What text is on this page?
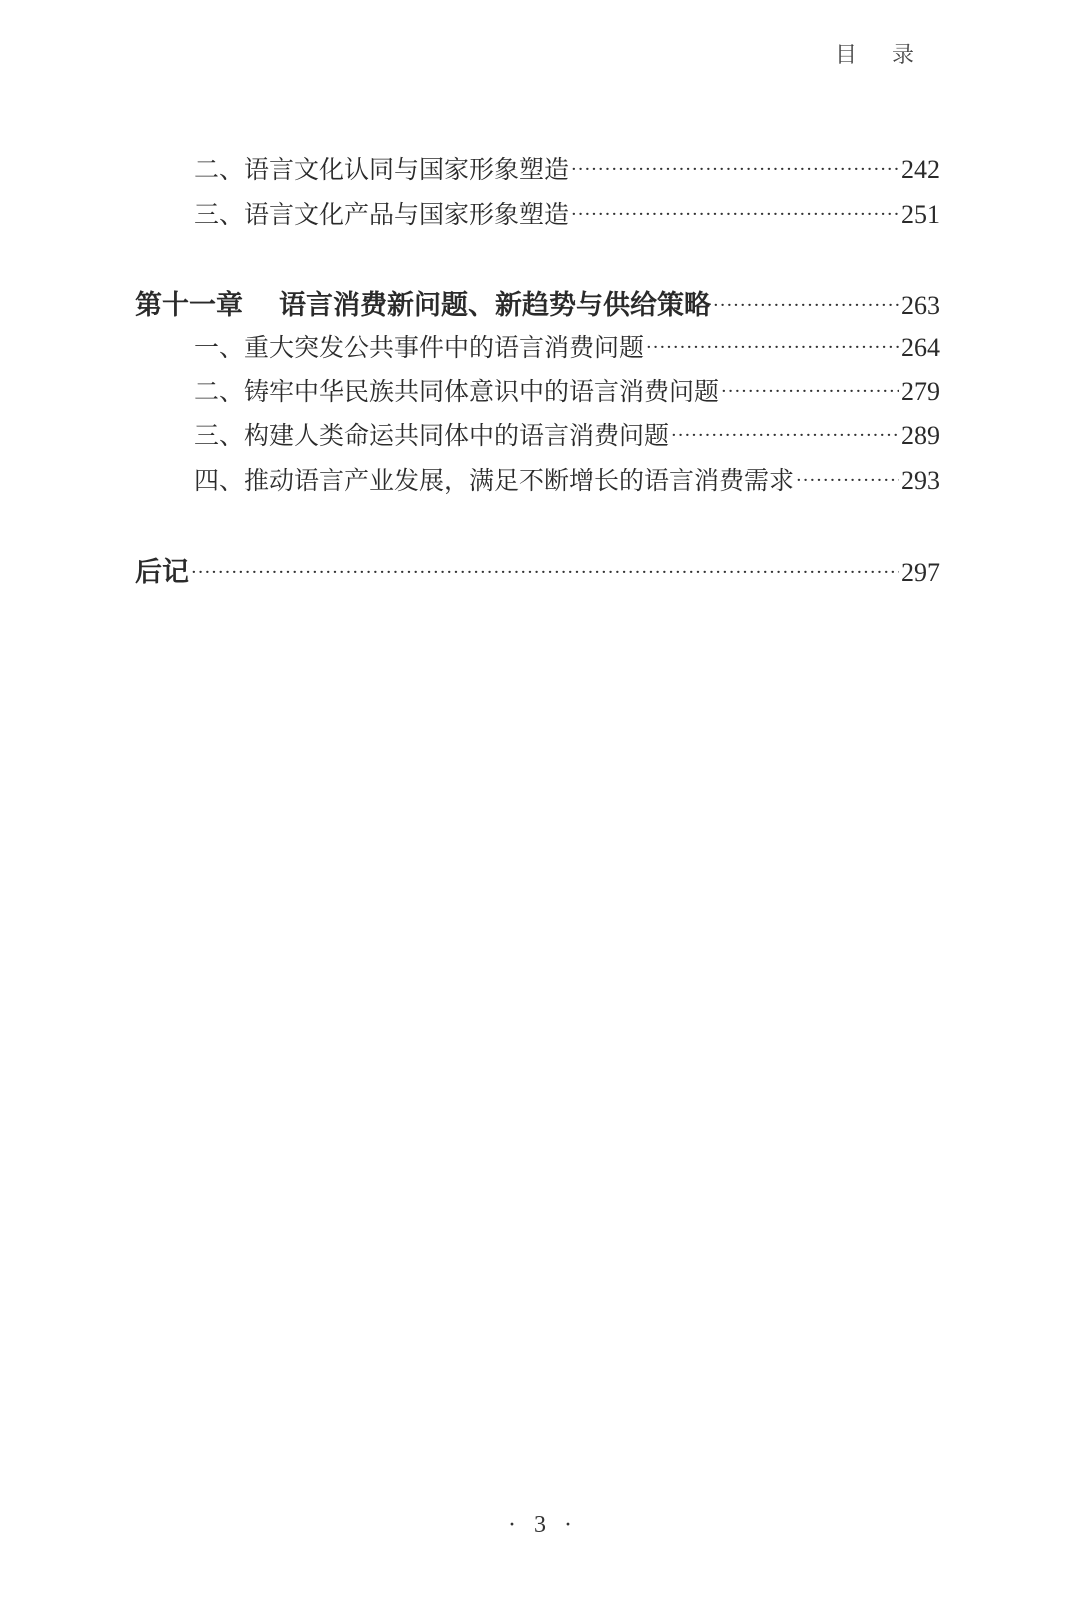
目 录
二、语言文化认同与国家形象塑造 ·····	242
三、语言文化产品与国家形象塑造 ·····	251
第十一章 语言消费新问题、新趋势与供给策略 ·····	263
一、重大突发公共事件中的语言消费问题 ·····	264
二、铸牢中华民族共同体意识中的语言消费问题 ·····	279
三、构建人类命运共同体中的语言消费问题 ·····	289
四、推动语言产业发展，满足不断增长的语言消费需求 ·····	293
后记 ·····	297
· 3 ·
